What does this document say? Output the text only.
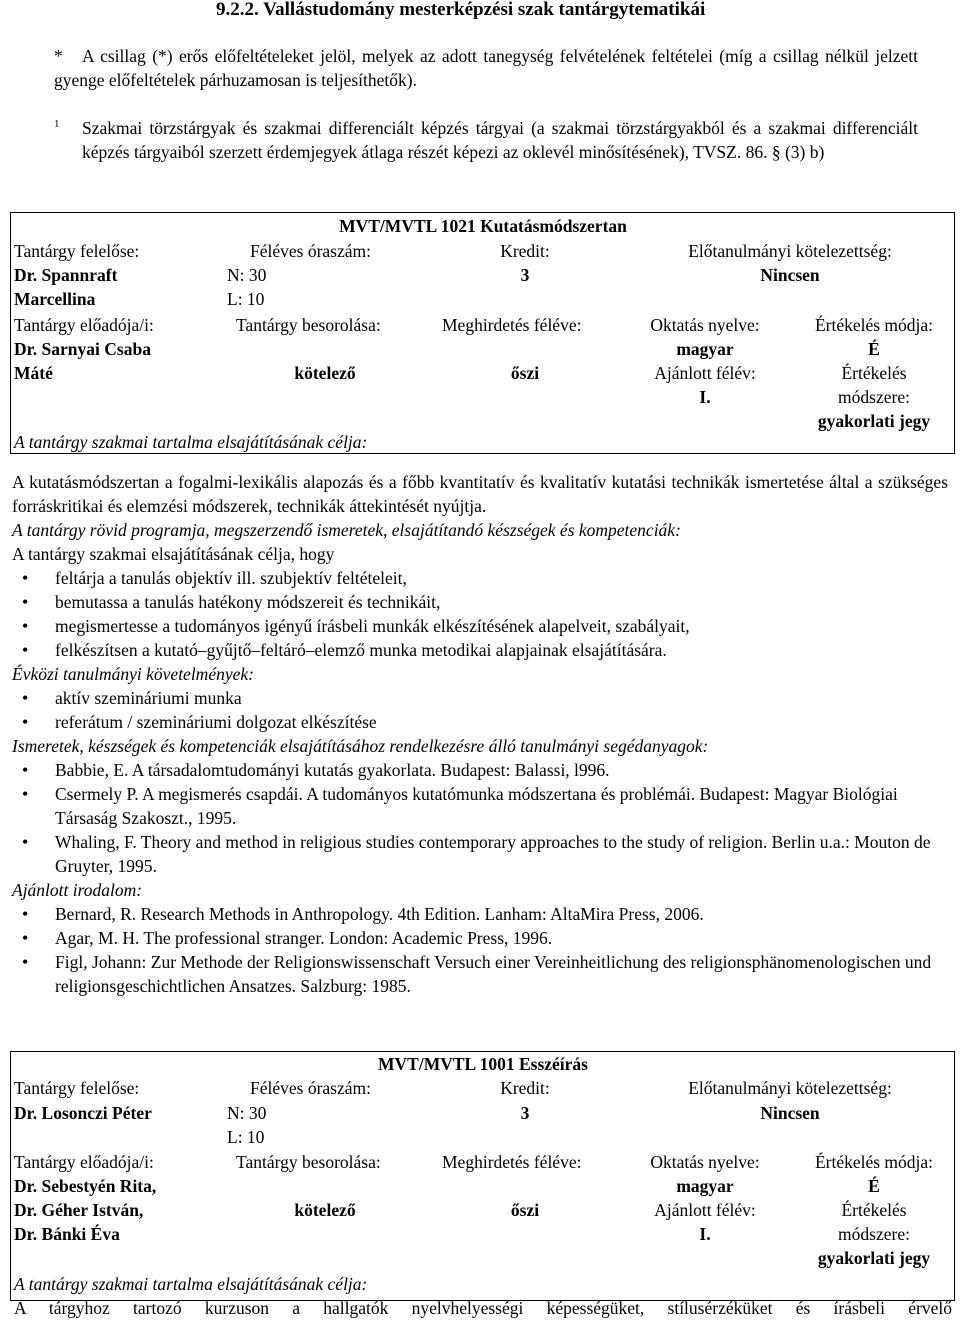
9.2.2. Vallástudomány mesterképzési szak tantárgytematikái
*	A csillag (*) erős előfeltételeket jelöl, melyek az adott tanegység felvételének feltételei (míg a csillag nélkül jelzett gyenge előfeltételek párhuzamosan is teljesíthetők).
1	Szakmai törzstárgyak és szakmai differenciált képzés tárgyai (a szakmai törzstárgyakból és a szakmai differenciált képzés tárgyaiból szerzett érdemjegyek átlaga részét képezi az oklevél minősítésének), TVSZ. 86. § (3) b)
MVT/MVTL 1021 Kutatásmódszertan
Tantárgy felelőse:
Dr. Spannraft
Marcellina
Féléves óraszám:
N: 30
L: 10
Kredit:
3
Előtanulmányi kötelezettség:
Nincsen
Tantárgy előadója/i:
Dr. Sarnyai Csaba
Máté
Tantárgy besorolása:
kötelező
Meghirdetés féléve:
őszi
Oktatás nyelve:
magyar
Ajánlott félév:
I.
Értékelés módja:
É
Értékelés
módszere:
gyakorlati jegy
A tantárgy szakmai tartalma elsajátításának célja:
A kutatásmódszertan a fogalmi-lexikális alapozás és a főbb kvantitatív és kvalitatív kutatási technikák ismertetése által a szükséges forráskritikai és elemzési módszerek, technikák áttekintését nyújtja.
A tantárgy rövid programja, megszerzendő ismeretek, elsajátítandó készségek és kompetenciák:
A tantárgy szakmai elsajátításának célja, hogy
• feltárja a tanulás objektív ill. szubjektív feltételeit,
• bemutassa a tanulás hatékony módszereit és technikáit,
• megismertesse a tudományos igényű írásbeli munkák elkészítésének alapelveit, szabályait,
• felkészítsen a kutató–gyűjtő–feltáró–elemző munka metodikai alapjainak elsajátítására.
Évközi tanulmányi követelmények:
• aktív szemináriumi munka
• referátum / szemináriumi dolgozat elkészítése
Ismeretek, készségek és kompetenciák elsajátításához rendelkezésre álló tanulmányi segédanyagok:
• Babbie, E. A társadalomtudományi kutatás gyakorlata. Budapest: Balassi, l996.
• Csermely P. A megismerés csapdái. A tudományos kutatómunka módszertana és problémái. Budapest: Magyar Biológiai Társaság Szakoszt., 1995.
• Whaling, F. Theory and method in religious studies contemporary approaches to the study of religion. Berlin u.a.: Mouton de Gruyter, 1995.
Ajánlott irodalom:
• Bernard, R. Research Methods in Anthropology. 4th Edition. Lanham: AltaMira Press, 2006.
• Agar, M. H. The professional stranger. London: Academic Press, 1996.
• Figl, Johann: Zur Methode der Religionswissenschaft Versuch einer Vereinheitlichung des religionsphänomenologischen und religionsgeschichtlichen Ansatzes. Salzburg: 1985.
MVT/MVTL 1001 Esszéírás
Tantárgy felelőse:
Dr. Losonczi Péter
Féléves óraszám:
N: 30
L: 10
Kredit:
3
Előtanulmányi kötelezettség:
Nincsen
Tantárgy előadója/i:
Dr. Sebestyén Rita,
Dr. Géher István,
Dr. Bánki Éva
Tantárgy besorolása:
kötelező
Meghirdetés féléve:
őszi
Oktatás nyelve:
magyar
Ajánlott félév:
I.
Értékelés módja:
É
Értékelés
módszere:
gyakorlati jegy
A tantárgy szakmai tartalma elsajátításának célja:
A tárgyhoz tartozó kurzuson a hallgatók nyelvhelyességi képességüket, stílusérzéküket és írásbeli érvelő
